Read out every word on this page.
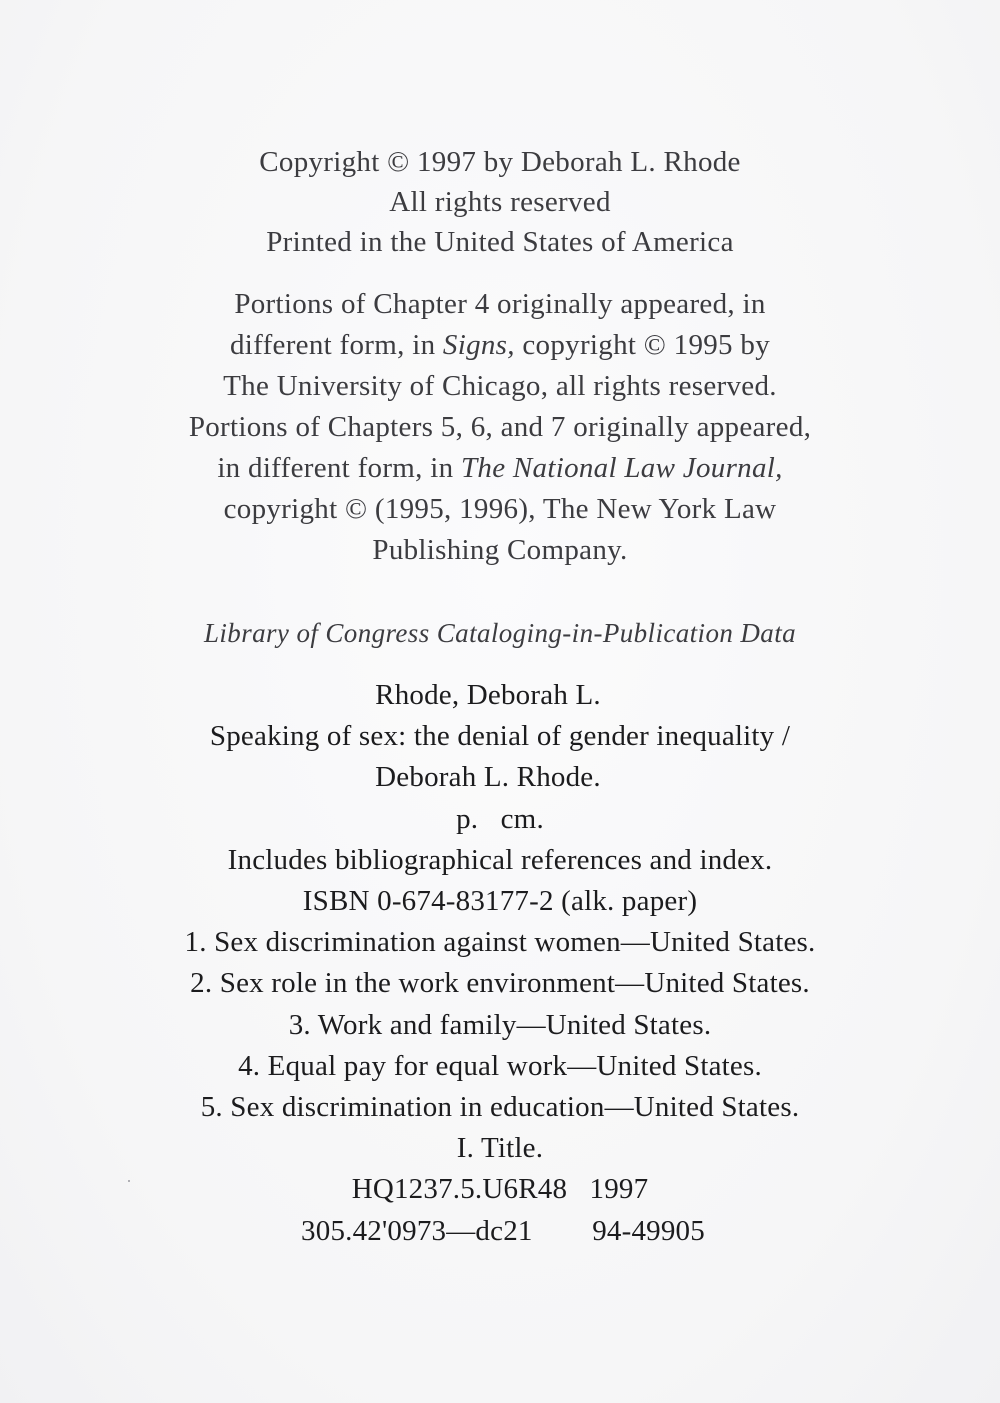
Copyright © 1997 by Deborah L. Rhode
All rights reserved
Printed in the United States of America
Portions of Chapter 4 originally appeared, in
different form, in Signs, copyright © 1995 by
The University of Chicago, all rights reserved.
Portions of Chapters 5, 6, and 7 originally appeared,
in different form, in The National Law Journal,
copyright © (1995, 1996), The New York Law
Publishing Company.
Library of Congress Cataloging-in-Publication Data
Rhode, Deborah L.
Speaking of sex: the denial of gender inequality /
Deborah L. Rhode.
p.   cm.
Includes bibliographical references and index.
ISBN 0-674-83177-2 (alk. paper)
1. Sex discrimination against women—United States.
2. Sex role in the work environment—United States.
3. Work and family—United States.
4. Equal pay for equal work—United States.
5. Sex discrimination in education—United States.
I. Title.
HQ1237.5.U6R48   1997
305.42'0973—dc21        94-49905
